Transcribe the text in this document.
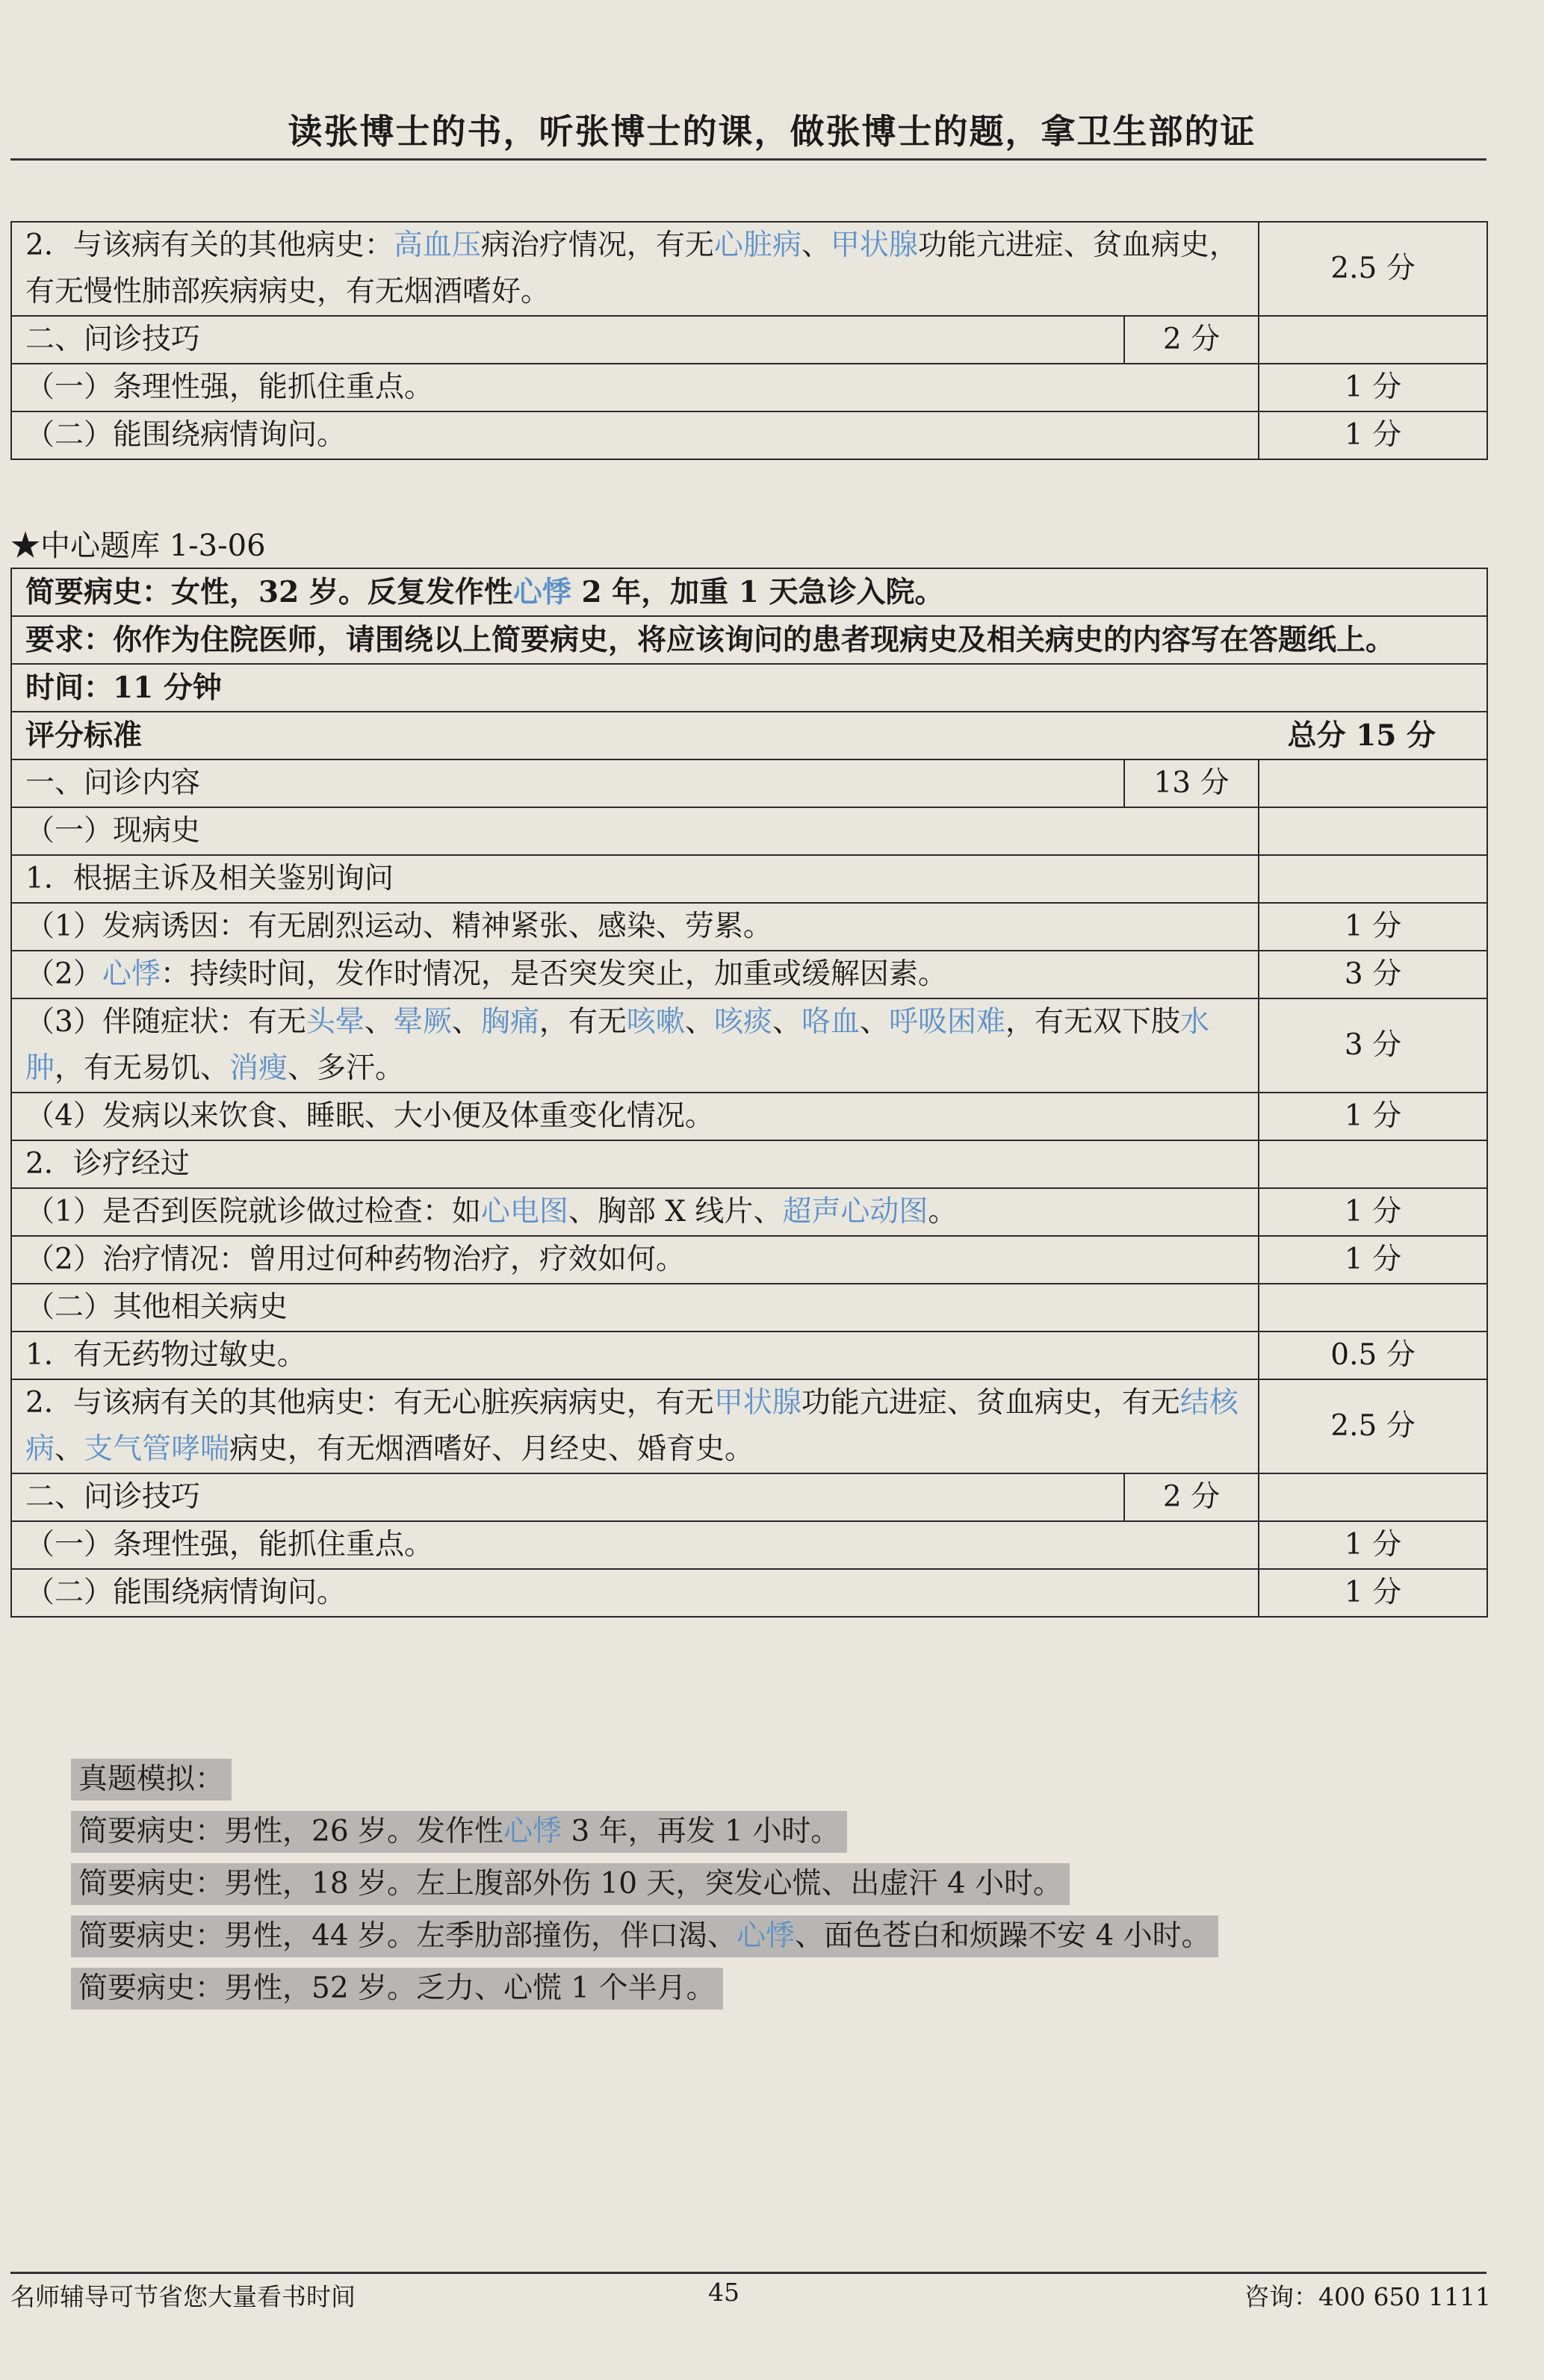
读张博士的书，听张博士的课，做张博士的题，拿卫生部的证
2．与该病有关的其他病史：高血压病治疗情况，有无心脏病、甲状腺功能亢进症、贫血病史，有无慢性肺部疾病病史，有无烟酒嗜好。		2.5 分
二、问诊技巧	2 分	
（一）条理性强，能抓住重点。		1 分
（二）能围绕病情询问。		1 分
★中心题库 1-3-06
简要病史：女性，32 岁。反复发作性心悸 2 年，加重 1 天急诊入院。		
要求：你作为住院医师，请围绕以上简要病史，将应该询问的患者现病史及相关病史的内容写在答题纸上。		
时间：11 分钟		
评分标准 总分 15 分		

一、问诊内容	13 分	
（一）现病史		
1．根据主诉及相关鉴别询问		
（1）发病诱因：有无剧烈运动、精神紧张、感染、劳累。		1 分
（2）心悸：持续时间，发作时情况，是否突发突止，加重或缓解因素。		3 分
（3）伴随症状：有无头晕、晕厥、胸痛，有无咳嗽、咳痰、咯血、呼吸困难，有无双下肢水肿，有无易饥、消瘦、多汗。		3 分
（4）发病以来饮食、睡眠、大小便及体重变化情况。		1 分
2．诊疗经过		
（1）是否到医院就诊做过检查：如心电图、胸部 X 线片、超声心动图。		1 分
（2）治疗情况：曾用过何种药物治疗，疗效如何。		1 分
（二）其他相关病史		
1．有无药物过敏史。		0.5 分
2．与该病有关的其他病史：有无心脏疾病病史，有无甲状腺功能亢进症、贫血病史，有无结核病、支气管哮喘病史，有无烟酒嗜好、月经史、婚育史。		2.5 分
二、问诊技巧	2 分	
（一）条理性强，能抓住重点。		1 分
（二）能围绕病情询问。		1 分
真题模拟：
简要病史：男性，26 岁。发作性心悸 3 年，再发 1 小时。
简要病史：男性，18 岁。左上腹部外伤 10 天，突发心慌、出虚汗 4 小时。
简要病史：男性，44 岁。左季肋部撞伤，伴口渴、心悸、面色苍白和烦躁不安 4 小时。
简要病史：男性，52 岁。乏力、心慌 1 个半月。
名师辅导可节省您大量看书时间	45	咨询：400 650 1111
